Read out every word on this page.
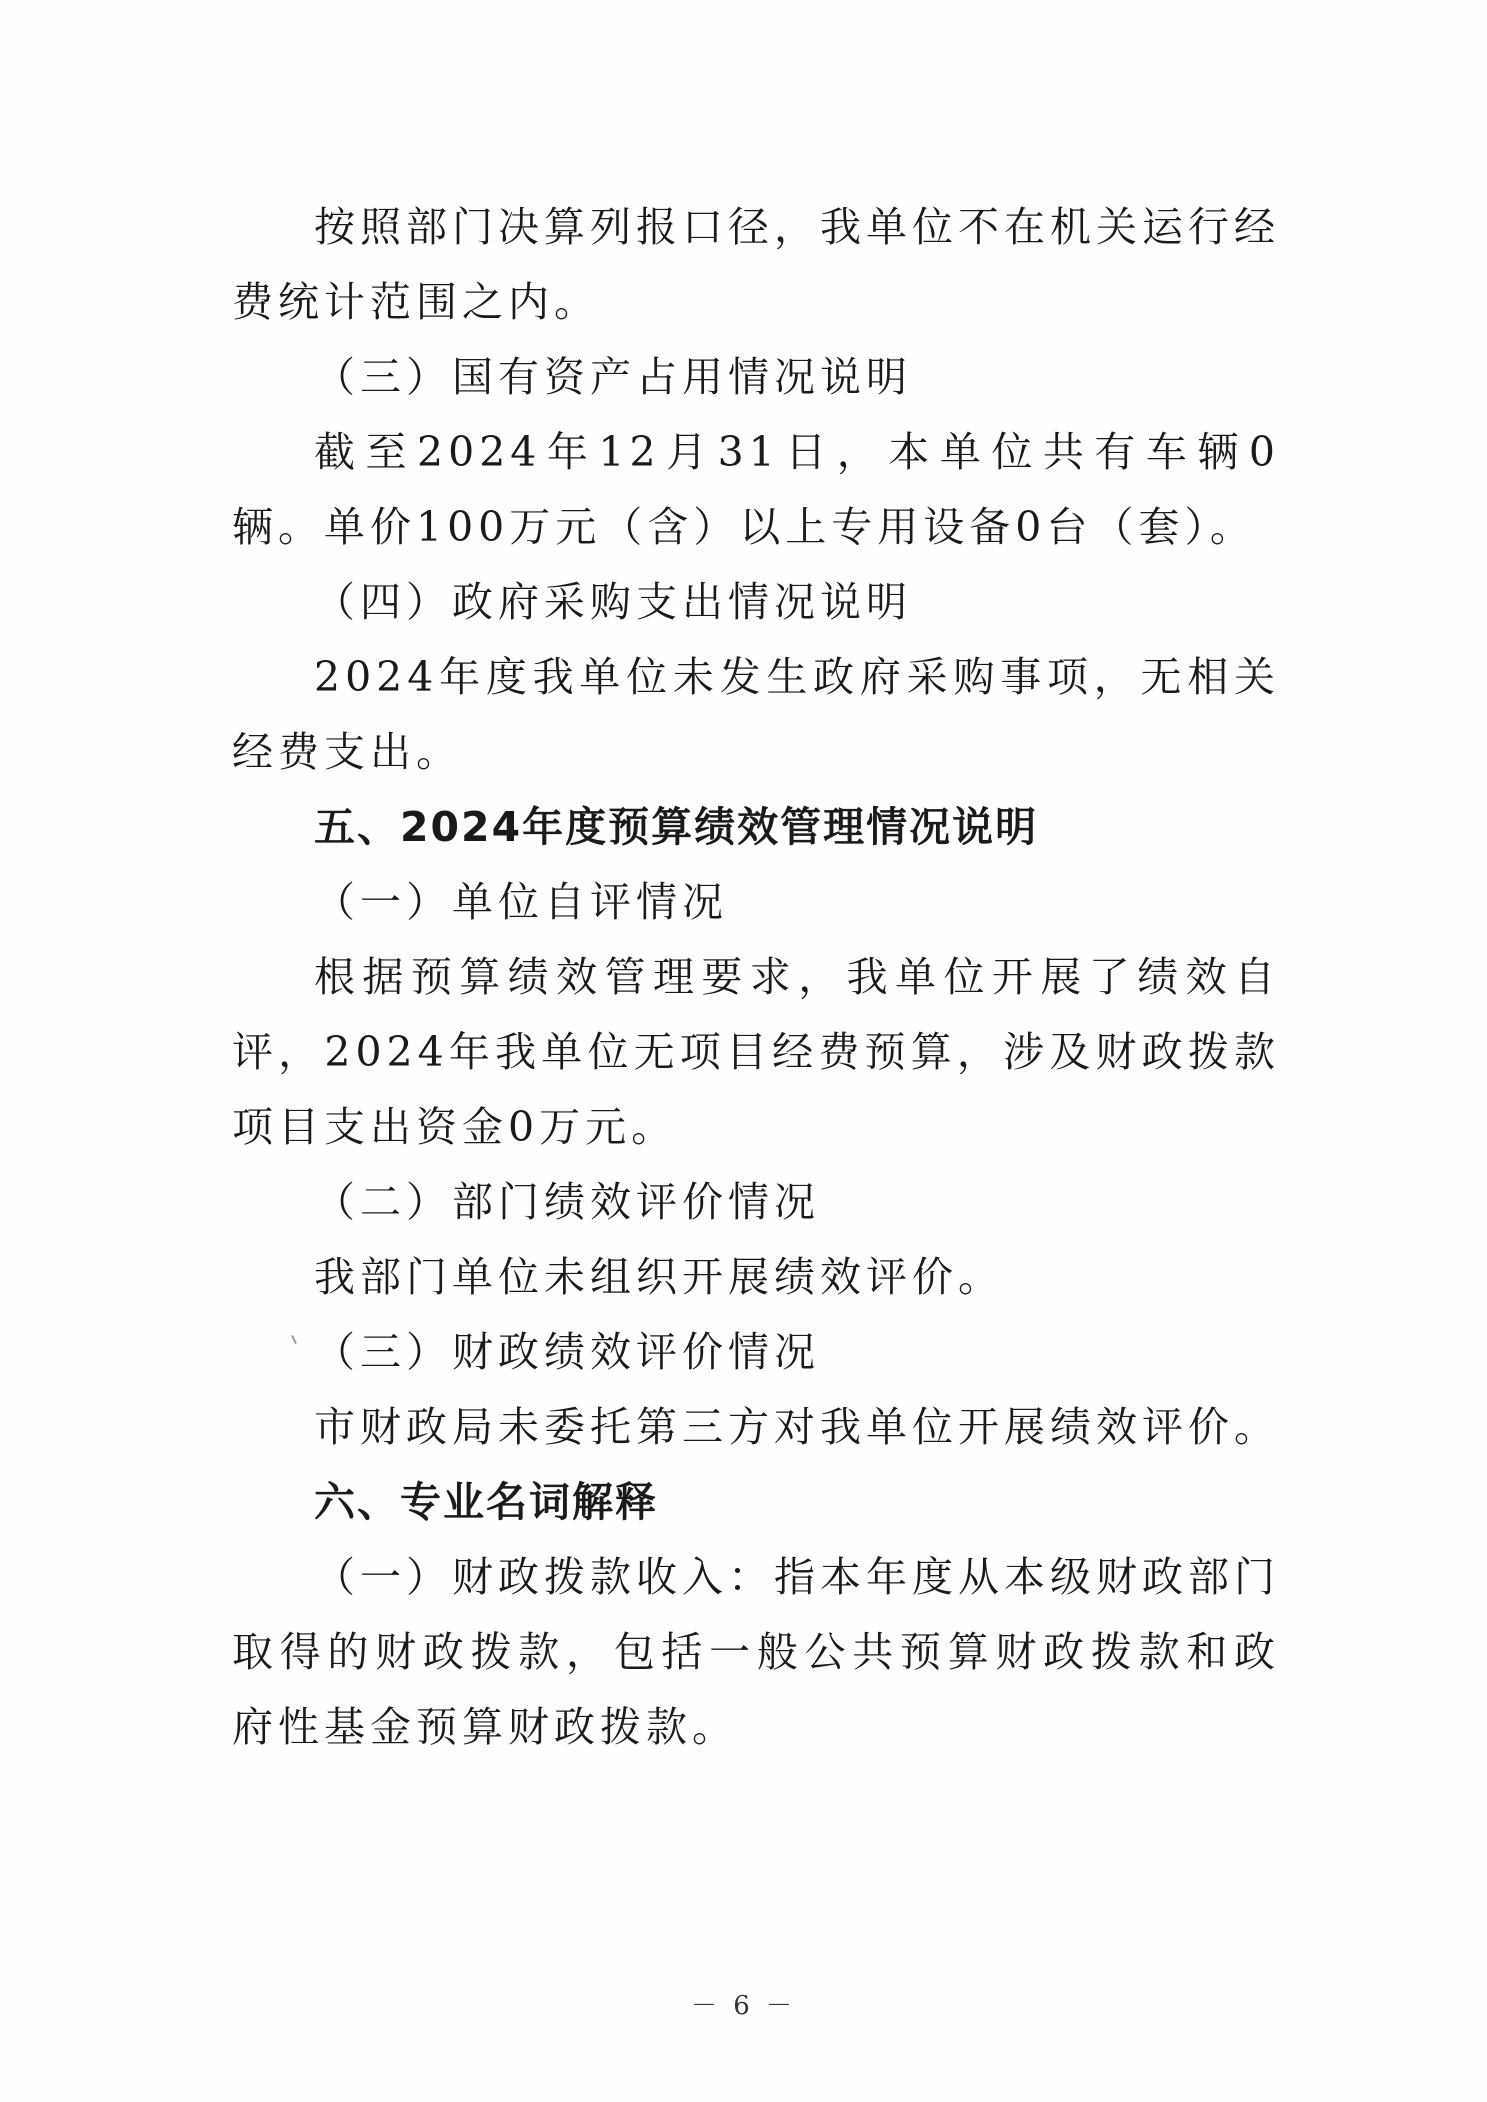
按照部门决算列报口径，我单位不在机关运行经费统计范围之内。

（三）国有资产占用情况说明

截至2024年12月31日，本单位共有车辆0辆。单价100万元（含）以上专用设备0台（套）。

（四）政府采购支出情况说明

2024年度我单位未发生政府采购事项，无相关经费支出。

五、2024年度预算绩效管理情况说明

（一）单位自评情况

根据预算绩效管理要求，我单位开展了绩效自评，2024年我单位无项目经费预算，涉及财政拨款项目支出资金0万元。

（二）部门绩效评价情况

我部门单位未组织开展绩效评价。

（三）财政绩效评价情况

市财政局未委托第三方对我单位开展绩效评价。

六、专业名词解释

（一）财政拨款收入：指本年度从本级财政部门取得的财政拨款，包括一般公共预算财政拨款和政府性基金预算财政拨款。

－ 6 －
